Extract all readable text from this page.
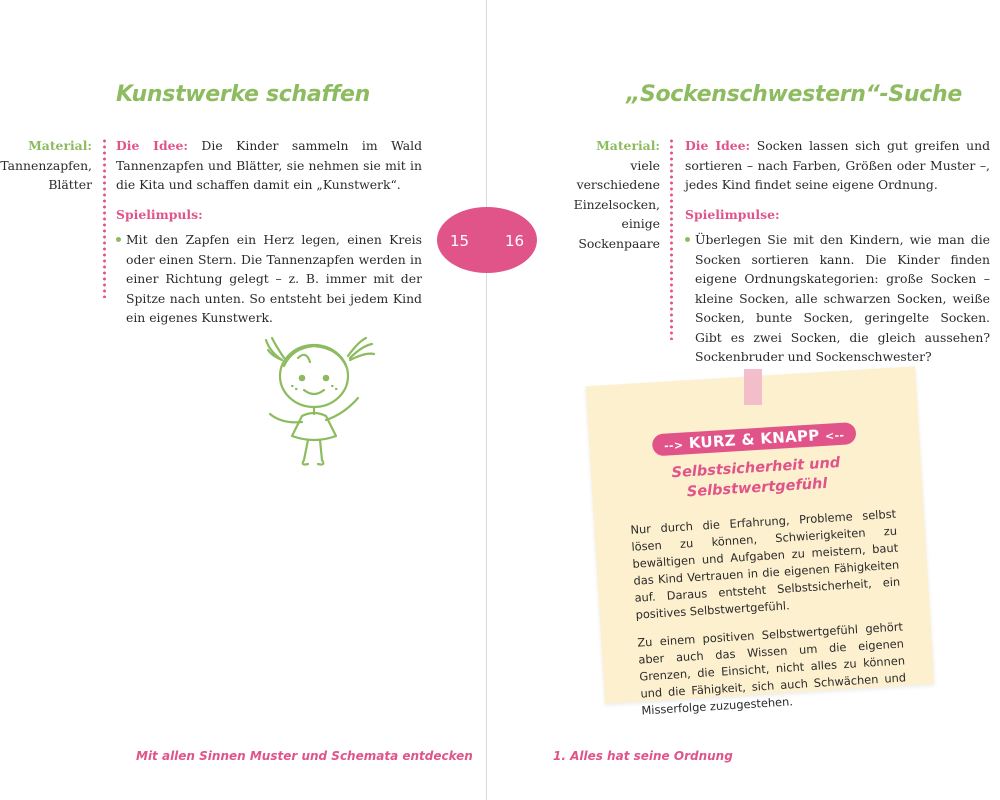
Kunstwerke schaffen
Material:
Tannenzapfen,
Blätter
Die Idee: Die Kinder sammeln im Wald Tannenzapfen und Blätter, sie nehmen sie mit in die Kita und schaffen damit ein „Kunstwerk“.
Spielimpuls:
Mit den Zapfen ein Herz legen, einen Kreis oder einen Stern. Die Tannenzapfen werden in einer Richtung gelegt – z. B. immer mit der Spitze nach unten. So entsteht bei jedem Kind ein eigenes Kunstwerk.
15 16
„Sockenschwestern“-Suche
Material:
viele verschiedene
Einzelsocken,
einige Sockenpaare
Die Idee: Socken lassen sich gut greifen und sortieren – nach Farben, Größen oder Muster –, jedes Kind findet seine eigene Ordnung.
Spielimpulse:
Überlegen Sie mit den Kindern, wie man die Socken sortieren kann. Die Kinder finden eigene Ordnungskategorien: große Socken – kleine Socken, alle schwarzen Socken, weiße Socken, bunte Socken, geringelte Socken. Gibt es zwei Socken, die gleich aussehen? Sockenbruder und Sockenschwester?
--> KURZ & KNAPP <--
Selbstsicherheit und
Selbstwertgefühl

Nur durch die Erfahrung, Probleme selbst lösen zu können, Schwierigkeiten zu bewältigen und Aufgaben zu meistern, baut das Kind Vertrauen in die eigenen Fähigkeiten auf. Daraus entsteht Selbstsicherheit, ein positives Selbstwertgefühl.

Zu einem positiven Selbstwertgefühl gehört aber auch das Wissen um die eigenen Grenzen, die Einsicht, nicht alles zu können und die Fähigkeit, sich auch Schwächen und Misserfolge zuzugestehen.

Mit allen Sinnen Muster und Schemata entdecken	1. Alles hat seine Ordnung
